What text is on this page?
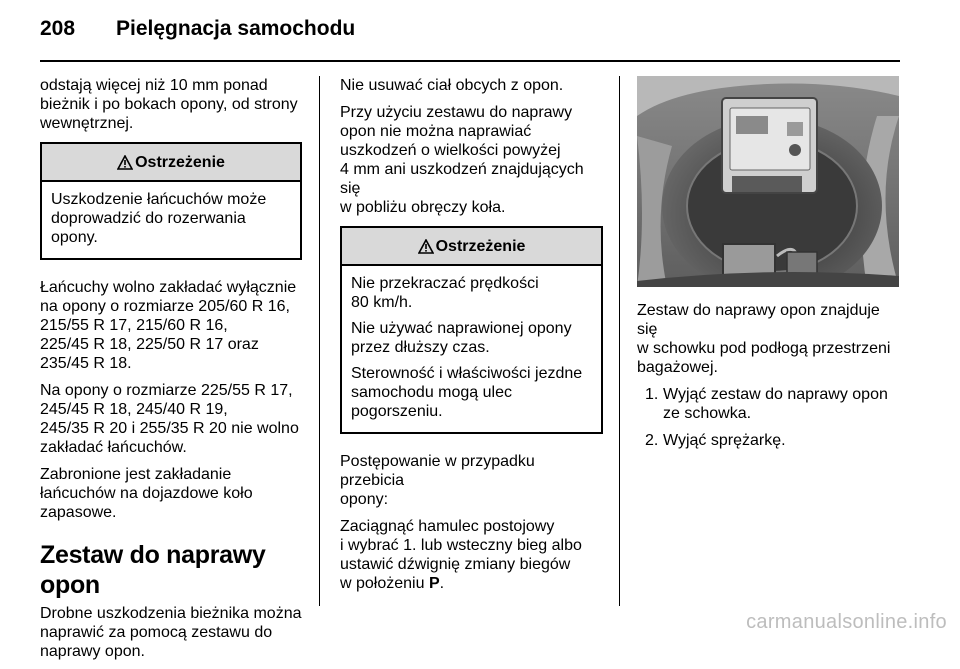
208 Pielęgnacja samochodu

odstają więcej niż 10 mm ponad
bieżnik i po bokach opony, od strony
wewnętrznej.

Ostrzeżenie

Uszkodzenie łańcuchów może
doprowadzić do rozerwania
opony.

Łańcuchy wolno zakładać wyłącznie
na opony o rozmiarze 205/60 R 16,
215/55 R 17, 215/60 R 16,
225/45 R 18, 225/50 R 17 oraz
235/45 R 18.

Na opony o rozmiarze 225/55 R 17,
245/45 R 18, 245/40 R 19,
245/35 R 20 i 255/35 R 20 nie wolno
zakładać łańcuchów.

Zabronione jest zakładanie
łańcuchów na dojazdowe koło
zapasowe.

Zestaw do naprawy opon

Drobne uszkodzenia bieżnika można
naprawić za pomocą zestawu do
naprawy opon.

Nie usuwać ciał obcych z opon.

Przy użyciu zestawu do naprawy
opon nie można naprawiać
uszkodzeń o wielkości powyżej
4 mm ani uszkodzeń znajdujących się
w pobliżu obręczy koła.

Ostrzeżenie

Nie przekraczać prędkości
80 km/h.

Nie używać naprawionej opony
przez dłuższy czas.

Sterowność i właściwości jezdne
samochodu mogą ulec
pogorszeniu.

Postępowanie w przypadku przebicia
opony:

Zaciągnąć hamulec postojowy
i wybrać 1. lub wsteczny bieg albo
ustawić dźwignię zmiany biegów
w położeniu P.

Zestaw do naprawy opon znajduje się
w schowku pod podłogą przestrzeni
bagażowej.

1. Wyjąć zestaw do naprawy opon
ze schowka.
2. Wyjąć sprężarkę.
carmanualsonline.info
